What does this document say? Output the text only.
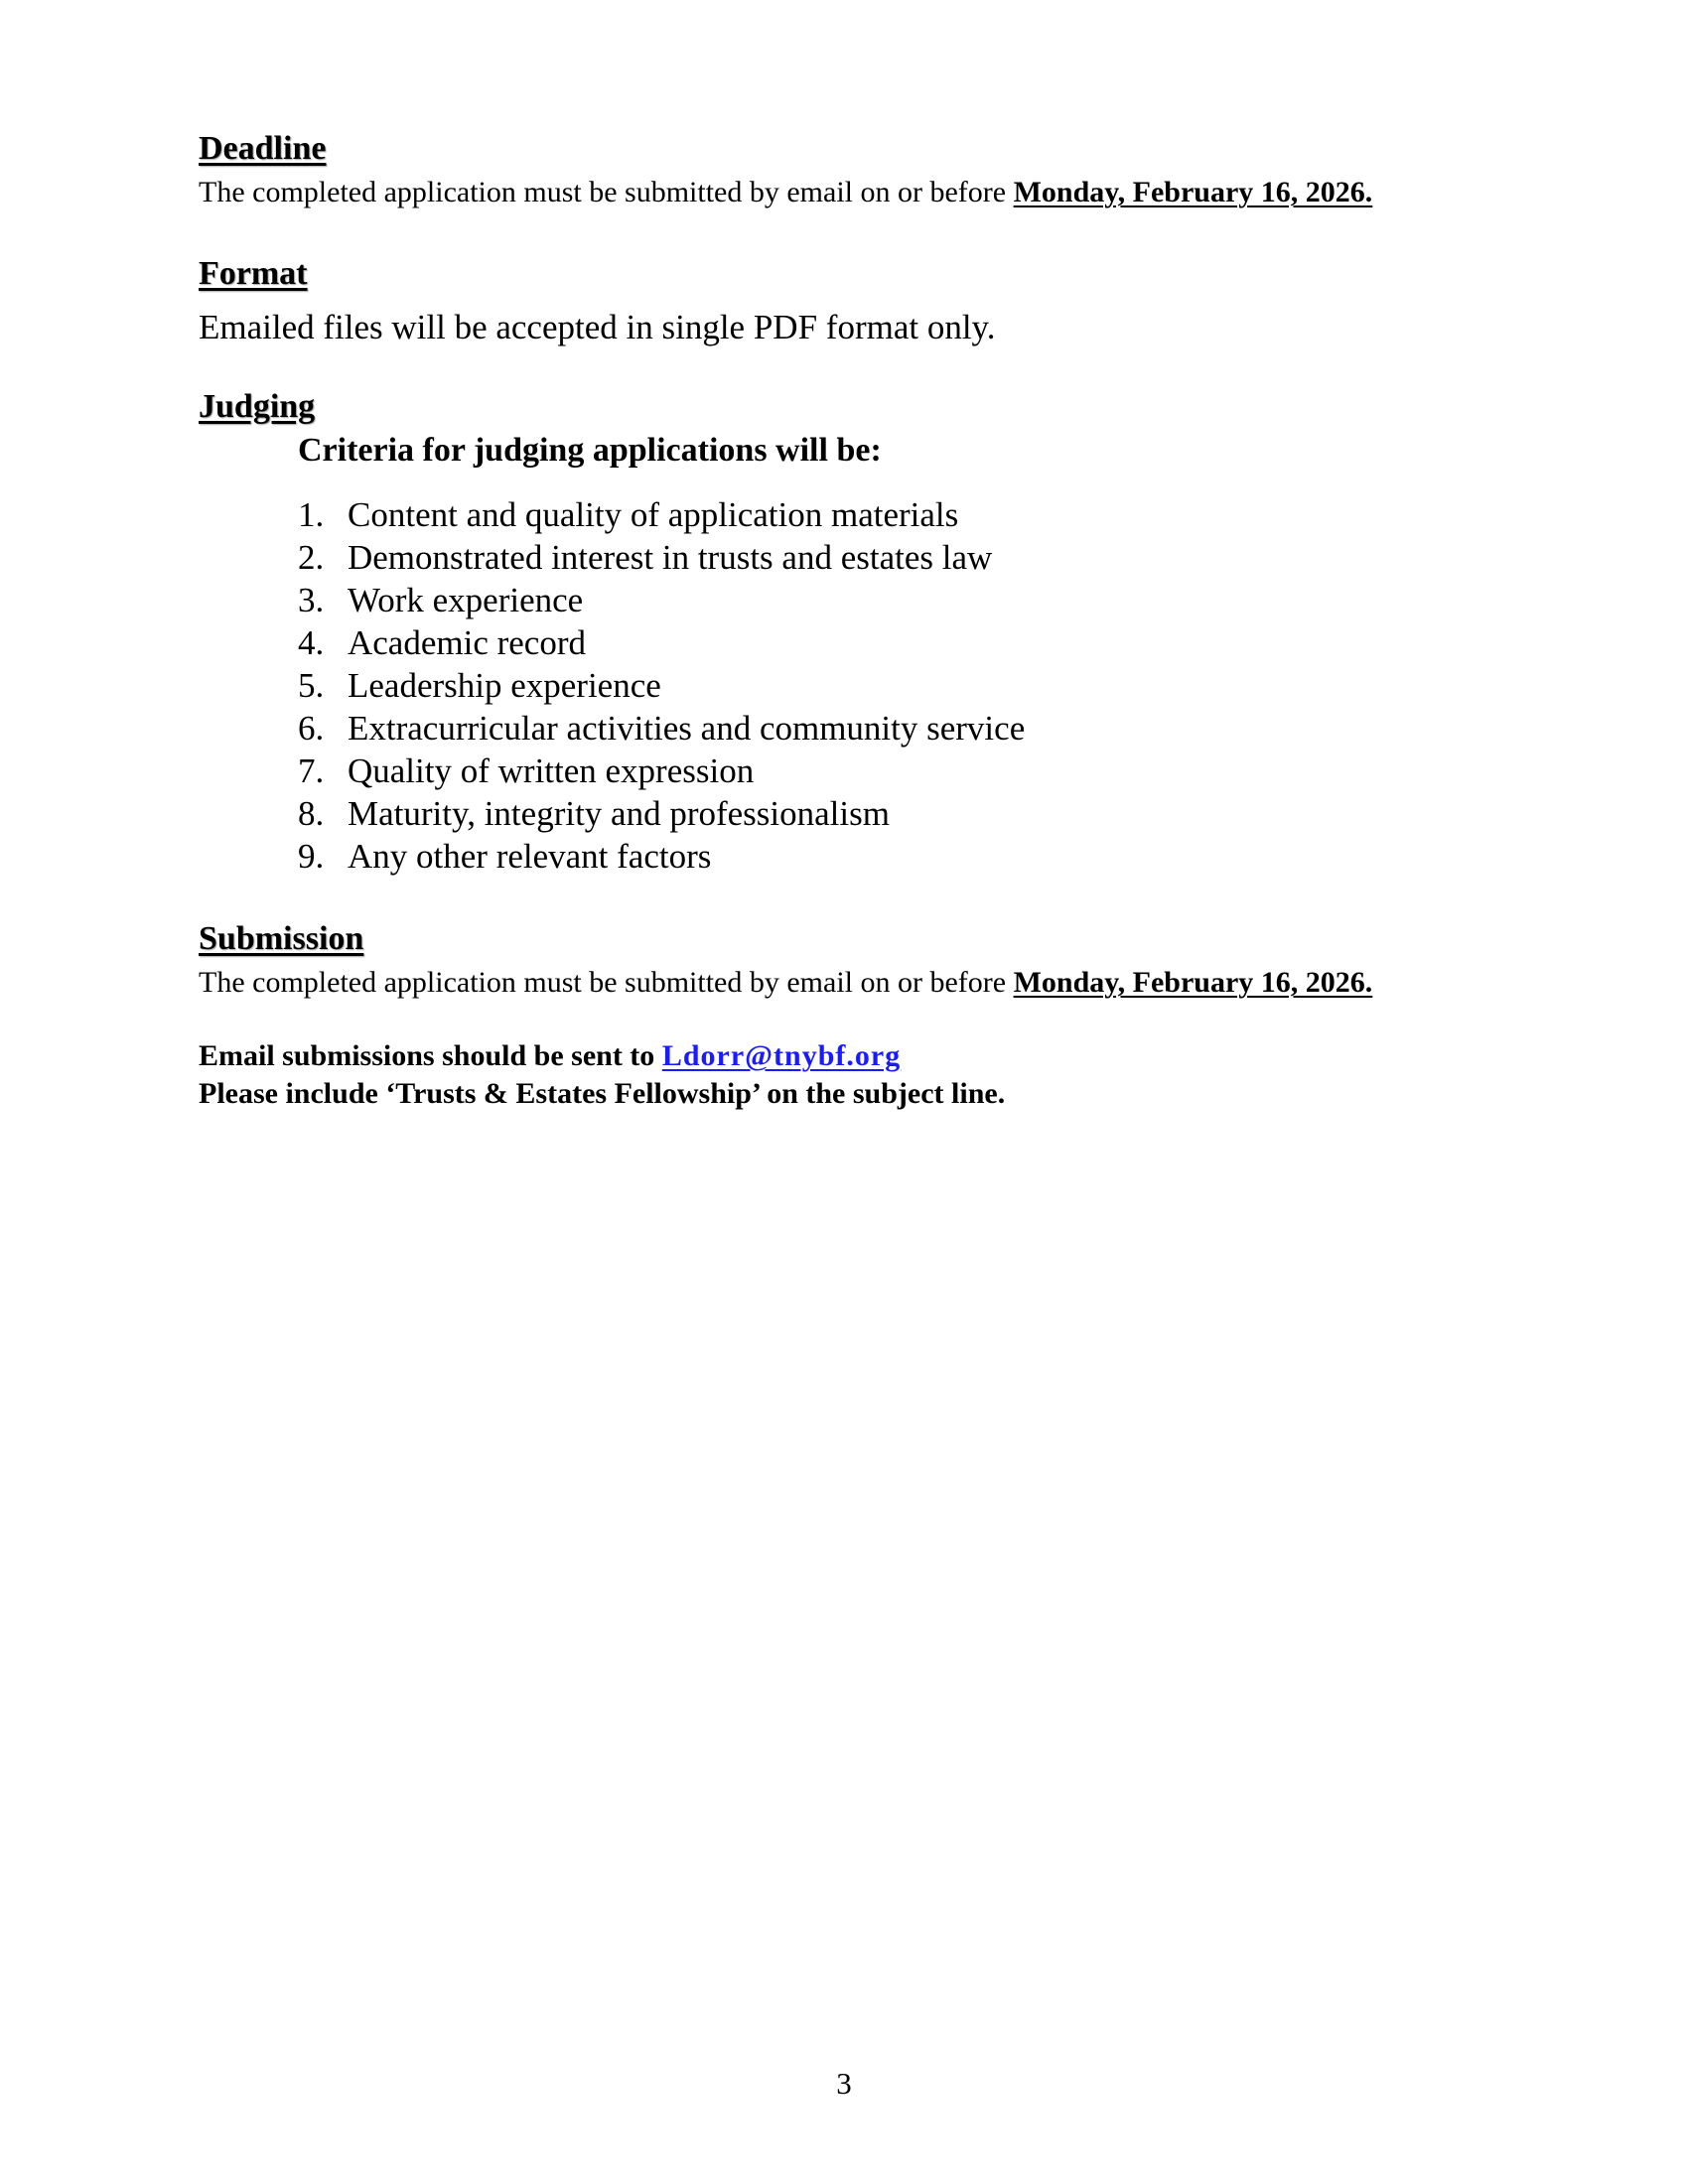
Deadline

The completed application must be submitted by email on or before Monday, February 16, 2026.

Format

Emailed files will be accepted in single PDF format only.

Judging

Criteria for judging applications will be:

1. Content and quality of application materials
2. Demonstrated interest in trusts and estates law
3. Work experience
4. Academic record
5. Leadership experience
6. Extracurricular activities and community service
7. Quality of written expression
8. Maturity, integrity and professionalism
9. Any other relevant factors
Submission

The completed application must be submitted by email on or before Monday, February 16, 2026.

Email submissions should be sent to Ldorr@tnybf.org

Please include ‘Trusts & Estates Fellowship’ on the subject line.

3
